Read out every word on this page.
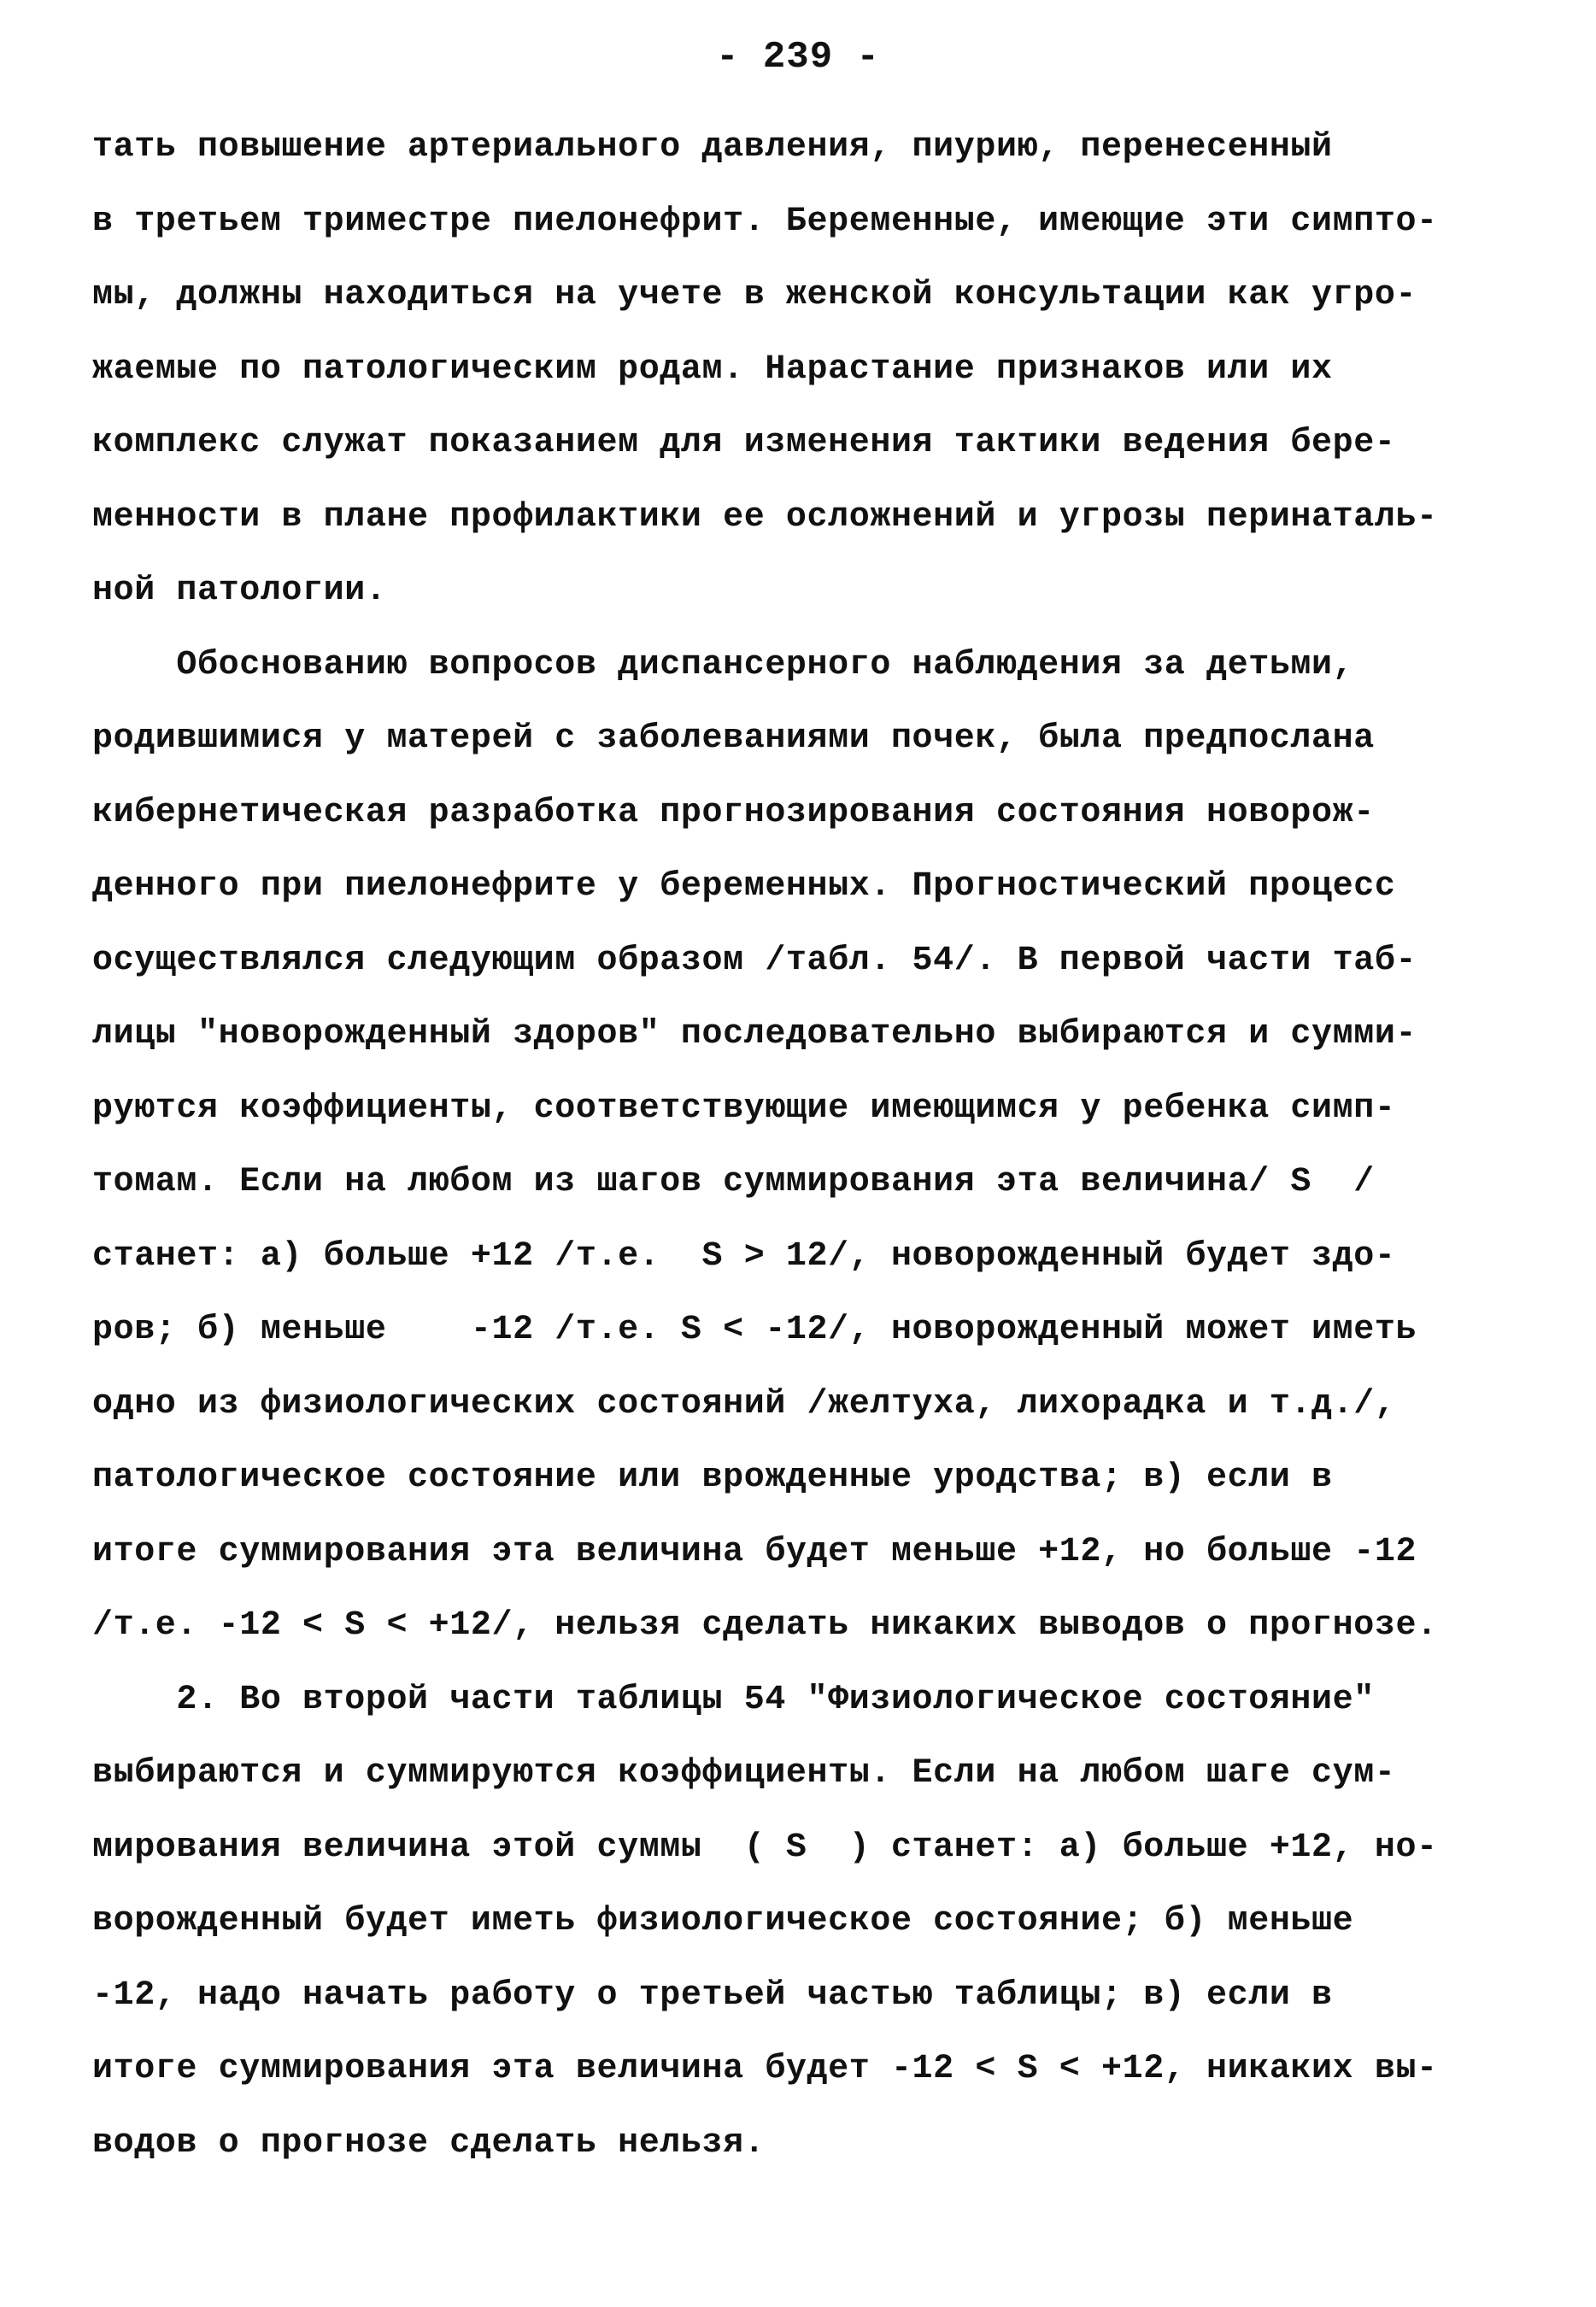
- 239 -
тать повышение артериального давления, пиурию, перенесенный
в третьем триместре пиелонефрит. Беременные, имеющие эти симпто-
мы, должны находиться на учете в женской консультации как угро-
жаемые по патологическим родам. Нарастание признаков или их
комплекс служат показанием для изменения тактики ведения бере-
менности в плане профилактики ее осложнений и угрозы перинаталь-
ной патологии.
Обоснованию вопросов диспансерного наблюдения за детьми,
родившимися у матерей с заболеваниями почек, была предпослана
кибернетическая разработка прогнозирования состояния новорож-
денного при пиелонефрите у беременных. Прогностический процесс
осуществлялся следующим образом /табл. 54/. В первой части таб-
лицы "новорожденный здоров" последовательно выбираются и сумми-
руются коэффициенты, соответствующие имеющимся у ребенка симп-
томам. Если на любом из шагов суммирования эта величина/ S  /
станет: а) больше +12 /т.е.  S > 12/, новорожденный будет здо-
ров; б) меньше    -12 /т.е. S < -12/, новорожденный может иметь
одно из физиологических состояний /желтуха, лихорадка и т.д./,
патологическое состояние или врожденные уродства; в) если в
итоге суммирования эта величина будет меньше +12, но больше -12
/т.е. -12 < S < +12/, нельзя сделать никаких выводов о прогнозе.
2. Во второй части таблицы 54 "Физиологическое состояние"
выбираются и суммируются коэффициенты. Если на любом шаге сум-
мирования величина этой суммы  ( S  ) станет: а) больше +12, но-
ворожденный будет иметь физиологическое состояние; б) меньше
-12, надо начать работу о третьей частью таблицы; в) если в
итоге суммирования эта величина будет -12 < S < +12, никаких вы-
водов о прогнозе сделать нельзя.
